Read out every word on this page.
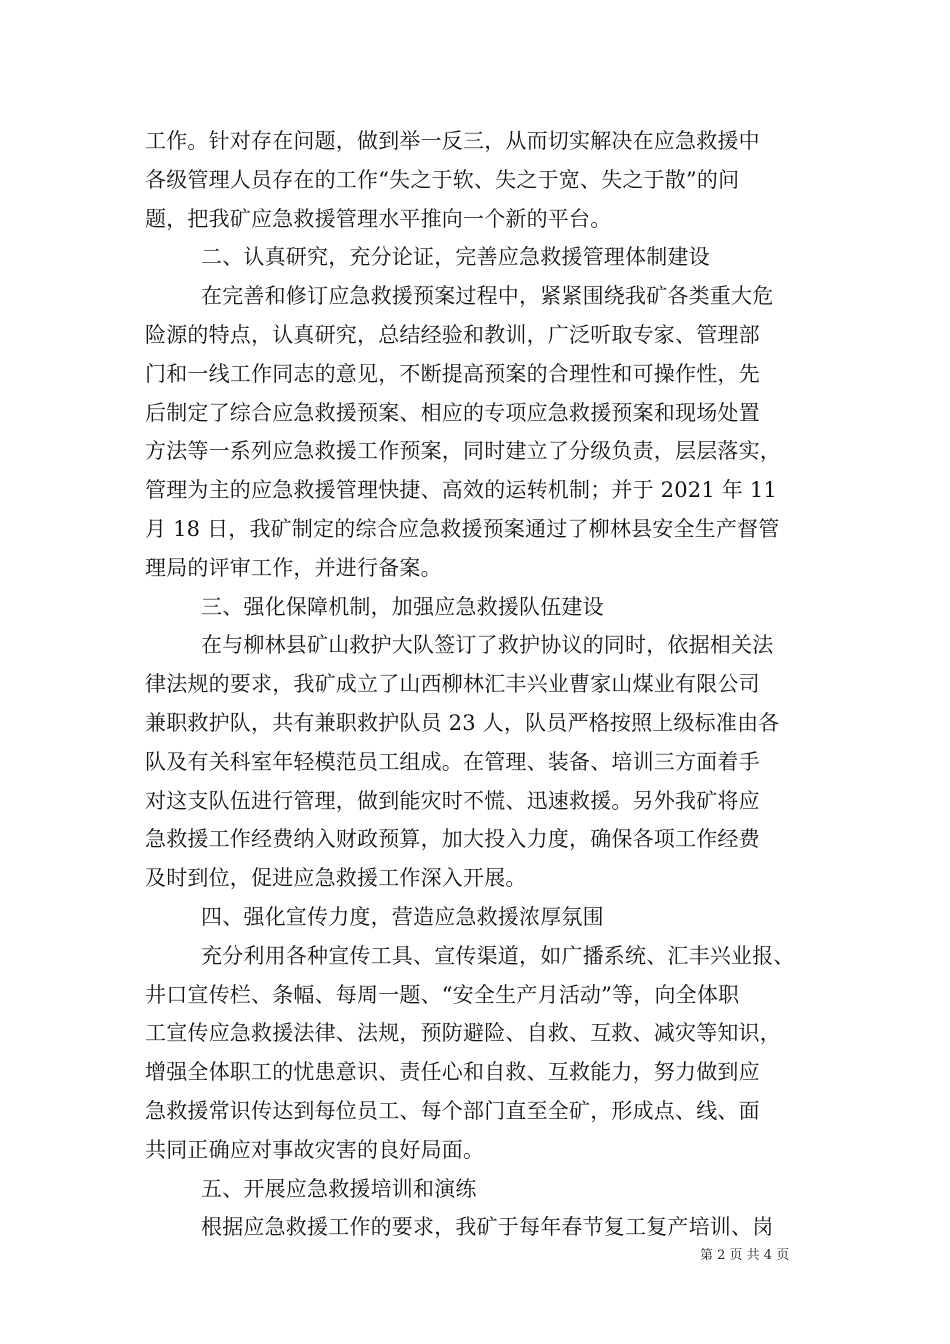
工作。针对存在问题，做到举一反三，从而切实解决在应急救援中
各级管理人员存在的工作“失之于软、失之于宽、失之于散”的问
题，把我矿应急救援管理水平推向一个新的平台。
二、认真研究，充分论证，完善应急救援管理体制建设
在完善和修订应急救援预案过程中，紧紧围绕我矿各类重大危
险源的特点，认真研究，总结经验和教训，广泛听取专家、管理部
门和一线工作同志的意见，不断提高预案的合理性和可操作性，先
后制定了综合应急救援预案、相应的专项应急救援预案和现场处置
方法等一系列应急救援工作预案，同时建立了分级负责，层层落实，
管理为主的应急救援管理快捷、高效的运转机制；并于 2021 年 11
月 18 日，我矿制定的综合应急救援预案通过了柳林县安全生产督管
理局的评审工作，并进行备案。
三、强化保障机制，加强应急救援队伍建设
在与柳林县矿山救护大队签订了救护协议的同时，依据相关法
律法规的要求，我矿成立了山西柳林汇丰兴业曹家山煤业有限公司
兼职救护队，共有兼职救护队员 23 人，队员严格按照上级标准由各
队及有关科室年轻模范员工组成。在管理、装备、培训三方面着手
对这支队伍进行管理，做到能灾时不慌、迅速救援。另外我矿将应
急救援工作经费纳入财政预算，加大投入力度，确保各项工作经费
及时到位，促进应急救援工作深入开展。
四、强化宣传力度，营造应急救援浓厚氛围
充分利用各种宣传工具、宣传渠道，如广播系统、汇丰兴业报、
井口宣传栏、条幅、每周一题、“安全生产月活动”等，向全体职
工宣传应急救援法律、法规，预防避险、自救、互救、减灾等知识，
增强全体职工的忧患意识、责任心和自救、互救能力，努力做到应
急救援常识传达到每位员工、每个部门直至全矿，形成点、线、面
共同正确应对事故灾害的良好局面。
五、开展应急救援培训和演练
根据应急救援工作的要求，我矿于每年春节复工复产培训、岗
第 2 页 共 4 页
